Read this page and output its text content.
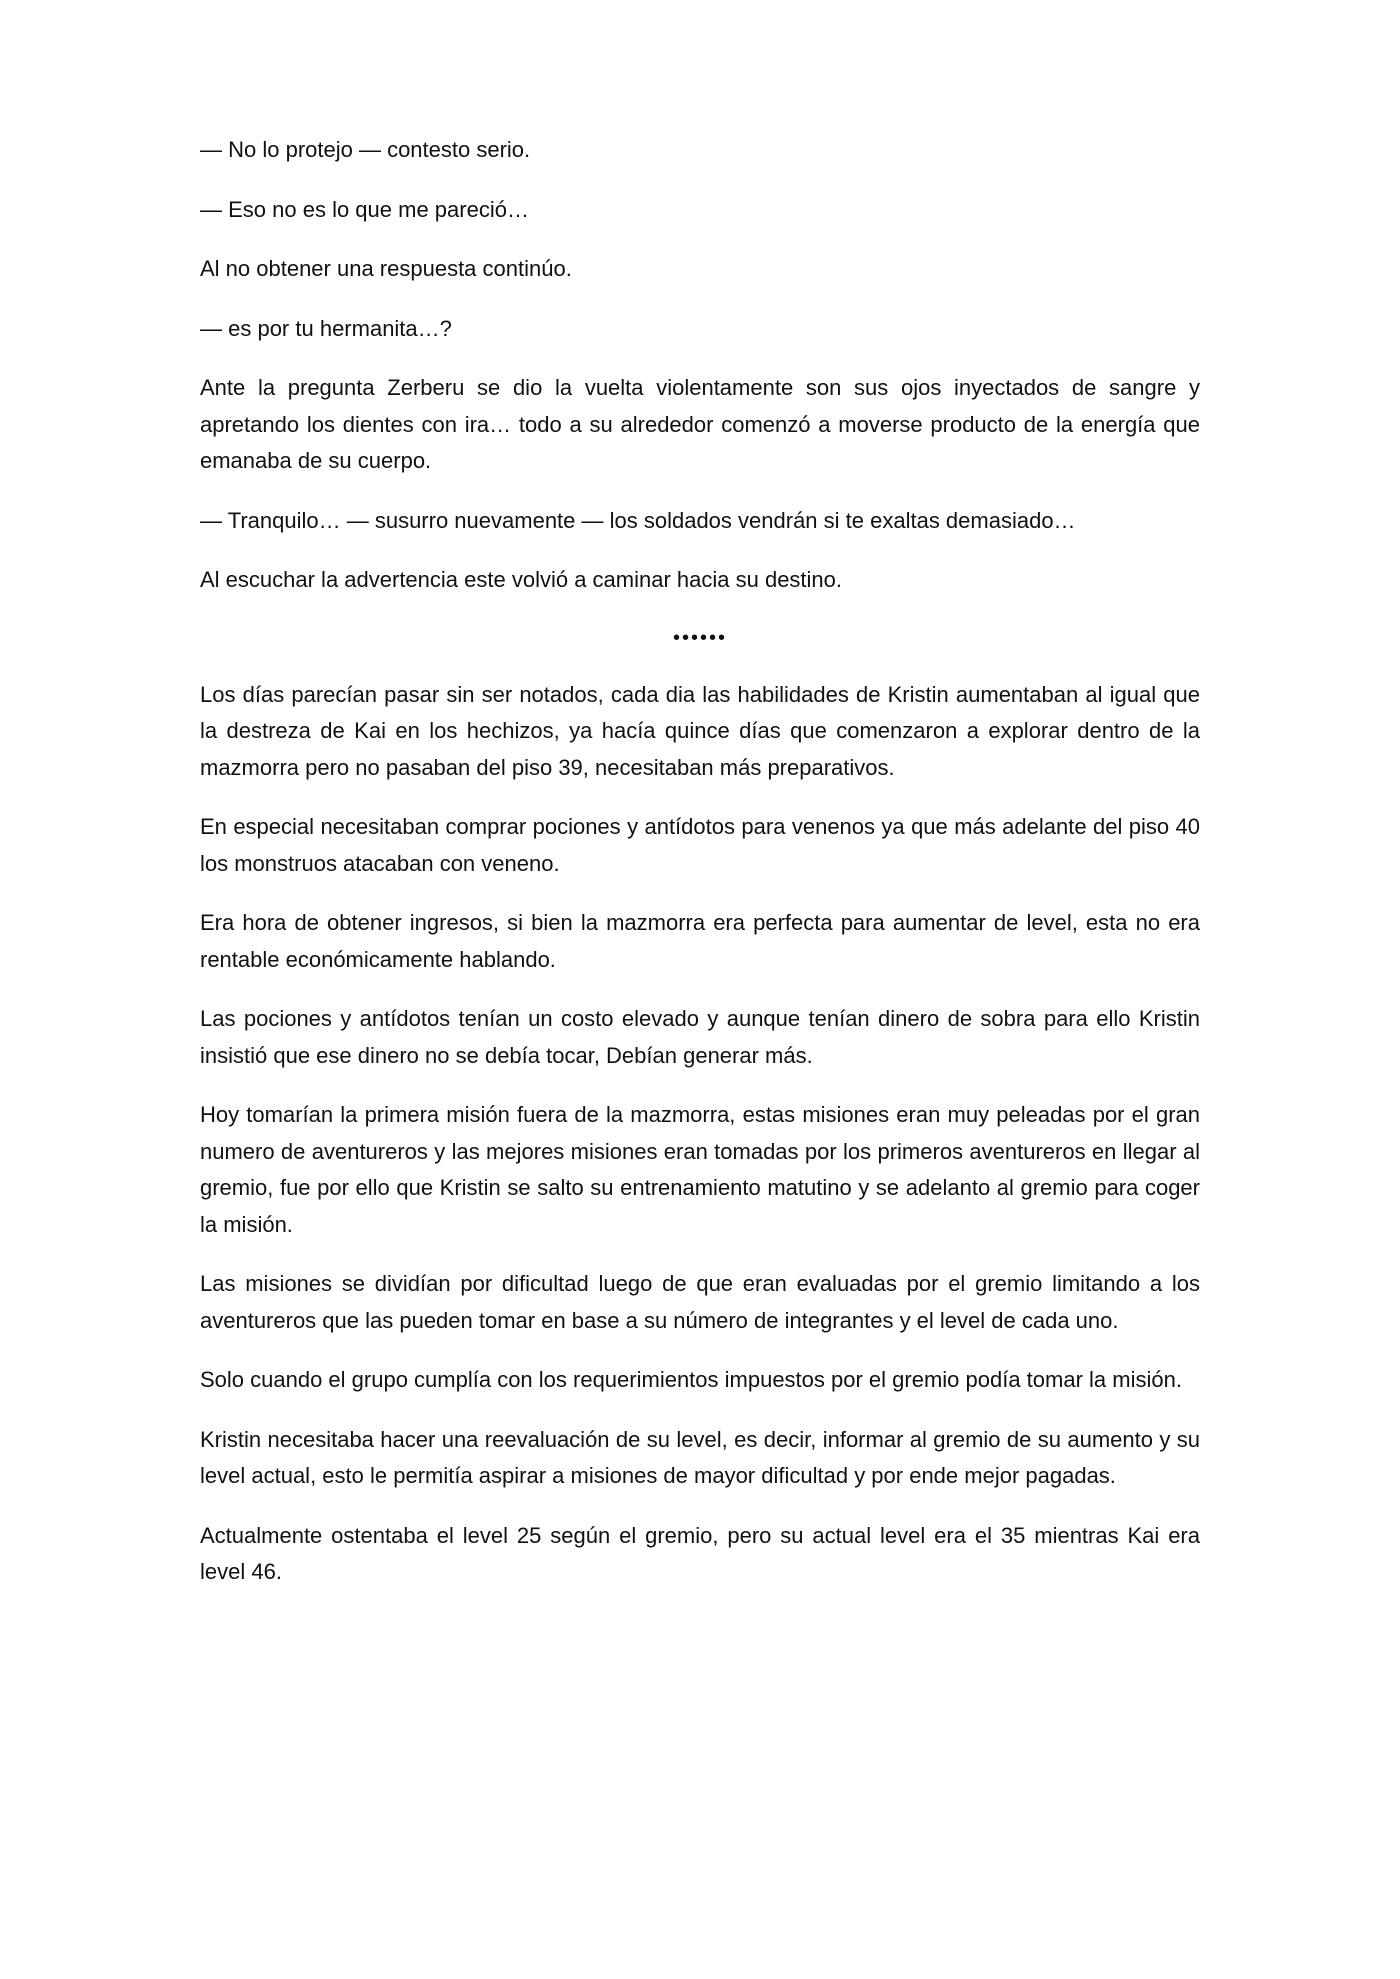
— No lo protejo — contesto serio.

— Eso no es lo que me pareció…

Al no obtener una respuesta continúo.

— es por tu hermanita…?

Ante la pregunta Zerberu se dio la vuelta violentamente son sus ojos inyectados de sangre y apretando los dientes con ira… todo a su alrededor comenzó a moverse producto de la energía que emanaba de su cuerpo.

— Tranquilo… — susurro nuevamente — los soldados vendrán si te exaltas demasiado…

Al escuchar la advertencia este volvió a caminar hacia su destino.

••••••

Los días parecían pasar sin ser notados, cada dia las habilidades de Kristin aumentaban al igual que la destreza de Kai en los hechizos, ya hacía quince días que comenzaron a explorar dentro de la mazmorra pero no pasaban del piso 39, necesitaban más preparativos.

En especial necesitaban comprar pociones y antídotos para venenos ya que más adelante del piso 40 los monstruos atacaban con veneno.

Era hora de obtener ingresos, si bien la mazmorra era perfecta para aumentar de level, esta no era rentable económicamente hablando.

Las pociones y antídotos tenían un costo elevado y aunque tenían dinero de sobra para ello Kristin insistió que ese dinero no se debía tocar, Debían generar más.

Hoy tomarían la primera misión fuera de la mazmorra, estas misiones eran muy peleadas por el gran numero de aventureros y las mejores misiones eran tomadas por los primeros aventureros en llegar al gremio, fue por ello que Kristin se salto su entrenamiento matutino y se adelanto al gremio para coger la misión.

Las misiones se dividían por dificultad luego de que eran evaluadas por el gremio limitando a los aventureros que las pueden tomar en base a su número de integrantes y el level de cada uno.

Solo cuando el grupo cumplía con los requerimientos impuestos por el gremio podía tomar la misión.

Kristin necesitaba hacer una reevaluación de su level, es decir, informar al gremio de su aumento y su level actual, esto le permitía aspirar a misiones de mayor dificultad y por ende mejor pagadas.

Actualmente ostentaba el level 25 según el gremio, pero su actual level era el 35 mientras Kai era level 46.
